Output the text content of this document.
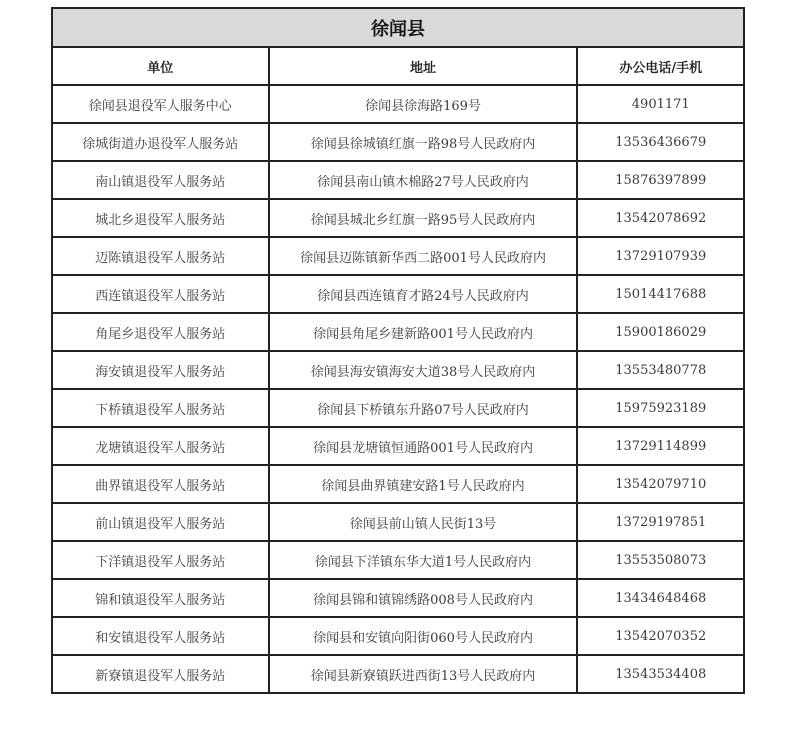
徐闻县		
单位	地址	办公电话/手机
徐闻县退役军人服务中心	徐闻县徐海路169号	4901171
徐城街道办退役军人服务站	徐闻县徐城镇红旗一路98号人民政府内	13536436679
南山镇退役军人服务站	徐闻县南山镇木棉路27号人民政府内	15876397899
城北乡退役军人服务站	徐闻县城北乡红旗一路95号人民政府内	13542078692
迈陈镇退役军人服务站	徐闻县迈陈镇新华西二路001号人民政府内	13729107939
西连镇退役军人服务站	徐闻县西连镇育才路24号人民政府内	15014417688
角尾乡退役军人服务站	徐闻县角尾乡建新路001号人民政府内	15900186029
海安镇退役军人服务站	徐闻县海安镇海安大道38号人民政府内	13553480778
下桥镇退役军人服务站	徐闻县下桥镇东升路07号人民政府内	15975923189
龙塘镇退役军人服务站	徐闻县龙塘镇恒通路001号人民政府内	13729114899
曲界镇退役军人服务站	徐闻县曲界镇建安路1号人民政府内	13542079710
前山镇退役军人服务站	徐闻县前山镇人民街13号	13729197851
下洋镇退役军人服务站	徐闻县下洋镇东华大道1号人民政府内	13553508073
锦和镇退役军人服务站	徐闻县锦和镇锦绣路008号人民政府内	13434648468
和安镇退役军人服务站	徐闻县和安镇向阳街060号人民政府内	13542070352
新寮镇退役军人服务站	徐闻县新寮镇跃进西街13号人民政府内	13543534408
